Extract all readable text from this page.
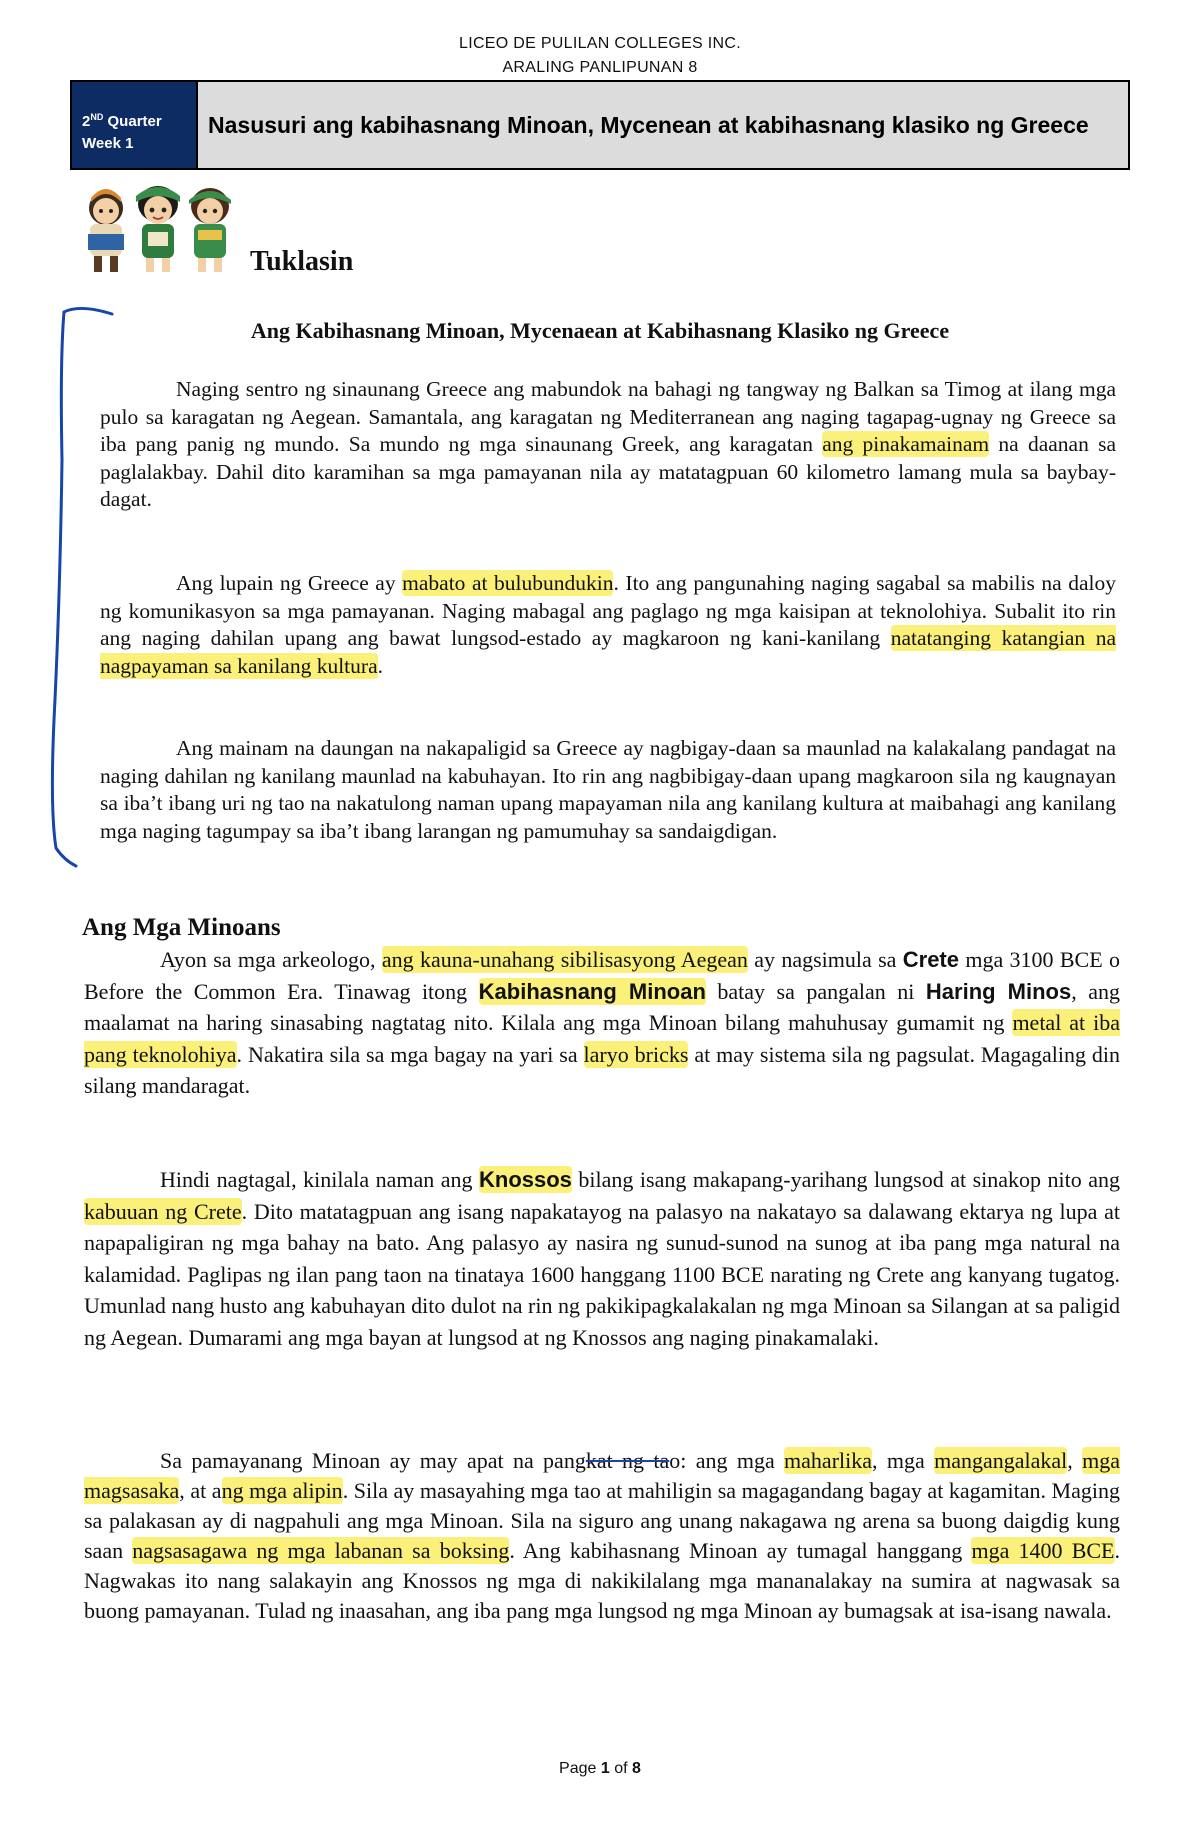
LICEO DE PULILAN COLLEGES INC.
ARALING PANLIPUNAN 8
2ND Quarter
Week 1
Nasusuri ang kabihasnang Minoan, Mycenean at kabihasnang klasiko ng Greece
Tuklasin
Ang Kabihasnang Minoan, Mycenaean at Kabihasnang Klasiko ng Greece

Naging sentro ng sinaunang Greece ang mabundok na bahagi ng tangway ng Balkan sa Timog at ilang mga pulo sa karagatan ng Aegean. Samantala, ang karagatan ng Mediterranean ang naging tagapag-ugnay ng Greece sa iba pang panig ng mundo. Sa mundo ng mga sinaunang Greek, ang karagatan ang pinakamainam na daanan sa paglalakbay. Dahil dito karamihan sa mga pamayanan nila ay matatagpuan 60 kilometro lamang mula sa baybay-dagat.

Ang lupain ng Greece ay mabato at bulubundukin. Ito ang pangunahing naging sagabal sa mabilis na daloy ng komunikasyon sa mga pamayanan. Naging mabagal ang paglago ng mga kaisipan at teknolohiya. Subalit ito rin ang naging dahilan upang ang bawat lungsod-estado ay magkaroon ng kani-kanilang natatanging katangian na nagpayaman sa kanilang kultura.

Ang mainam na daungan na nakapaligid sa Greece ay nagbigay-daan sa maunlad na kalakalang pandagat na naging dahilan ng kanilang maunlad na kabuhayan. Ito rin ang nagbibigay-daan upang magkaroon sila ng kaugnayan sa iba’t ibang uri ng tao na nakatulong naman upang mapayaman nila ang kanilang kultura at maibahagi ang kanilang mga naging tagumpay sa iba’t ibang larangan ng pamumuhay sa sandaigdigan.

Ang Mga Minoans

Ayon sa mga arkeologo, ang kauna-unahang sibilisasyong Aegean ay nagsimula sa Crete mga 3100 BCE o Before the Common Era. Tinawag itong Kabihasnang Minoan batay sa pangalan ni Haring Minos, ang maalamat na haring sinasabing nagtatag nito. Kilala ang mga Minoan bilang mahuhusay gumamit ng metal at iba pang teknolohiya. Nakatira sila sa mga bagay na yari sa laryo bricks at may sistema sila ng pagsulat. Magagaling din silang mandaragat.

Hindi nagtagal, kinilala naman ang Knossos bilang isang makapang-yarihang lungsod at sinakop nito ang kabuuan ng Crete. Dito matatagpuan ang isang napakatayog na palasyo na nakatayo sa dalawang ektarya ng lupa at napapaligiran ng mga bahay na bato. Ang palasyo ay nasira ng sunud-sunod na sunog at iba pang mga natural na kalamidad. Paglipas ng ilan pang taon na tinataya 1600 hanggang 1100 BCE narating ng Crete ang kanyang tugatog. Umunlad nang husto ang kabuhayan dito dulot na rin ng pakikipagkalakalan ng mga Minoan sa Silangan at sa paligid ng Aegean. Dumarami ang mga bayan at lungsod at ng Knossos ang naging pinakamalaki.

Sa pamayanang Minoan ay may apat na pangkat ng tao: ang mga maharlika, mga mangangalakal, mga magsasaka, at ang mga alipin. Sila ay masayahing mga tao at mahiligin sa magagandang bagay at kagamitan. Maging sa palakasan ay di nagpahuli ang mga Minoan. Sila na siguro ang unang nakagawa ng arena sa buong daigdig kung saan nagsasagawa ng mga labanan sa boksing. Ang kabihasnang Minoan ay tumagal hanggang mga 1400 BCE. Nagwakas ito nang salakayin ang Knossos ng mga di nakikilalang mga mananalakay na sumira at nagwasak sa buong pamayanan. Tulad ng inaasahan, ang iba pang mga lungsod ng mga Minoan ay bumagsak at isa-isang nawala.

Page 1 of 8
